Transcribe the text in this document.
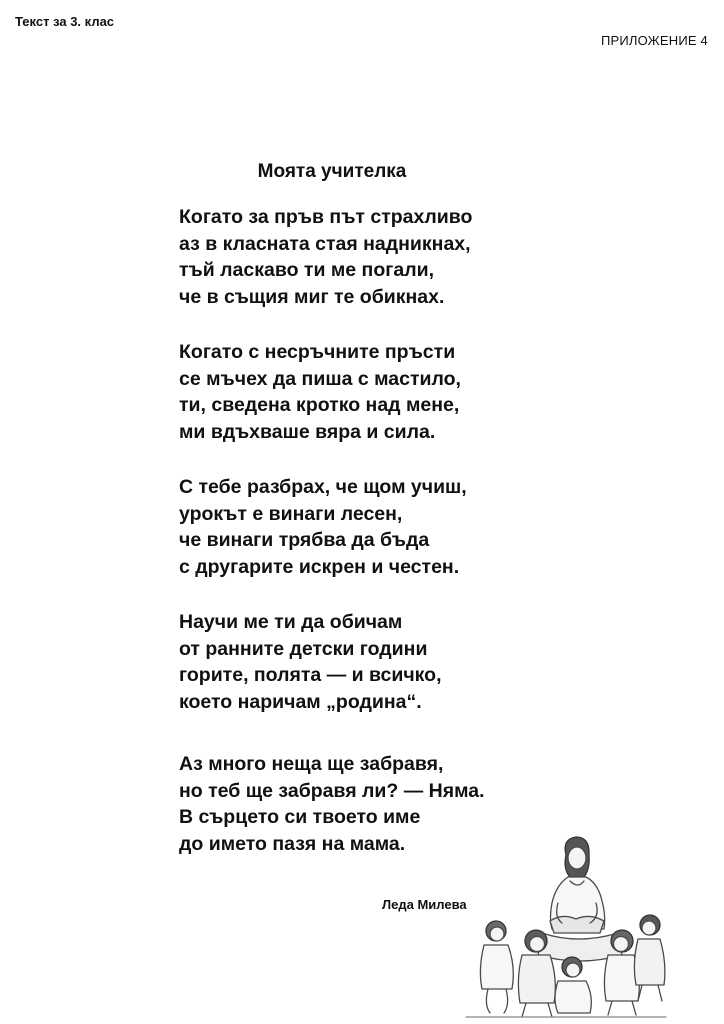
Текст за 3. клас
ПРИЛОЖЕНИЕ 4
Моята учителка
Когато за пръв път страхливо
аз в класната стая надникнах,
тъй ласкаво ти ме погали,
че в същия миг те обикнах.
Когато с несръчните пръсти
се мъчех да пиша с мастило,
ти, сведена кротко над мене,
ми вдъхваше вяра и сила.
С тебе разбрах, че щом учиш,
урокът е винаги лесен,
че винаги трябва да бъда
с другарите искрен и честен.
Научи ме ти да обичам
от ранните детски години
горите, полята — и всичко,
което наричам „родина“.
Аз много неща ще забравя,
но теб ще забравя ли? — Няма.
В сърцето си твоето име
до името пазя на мама.
Леда Милева
